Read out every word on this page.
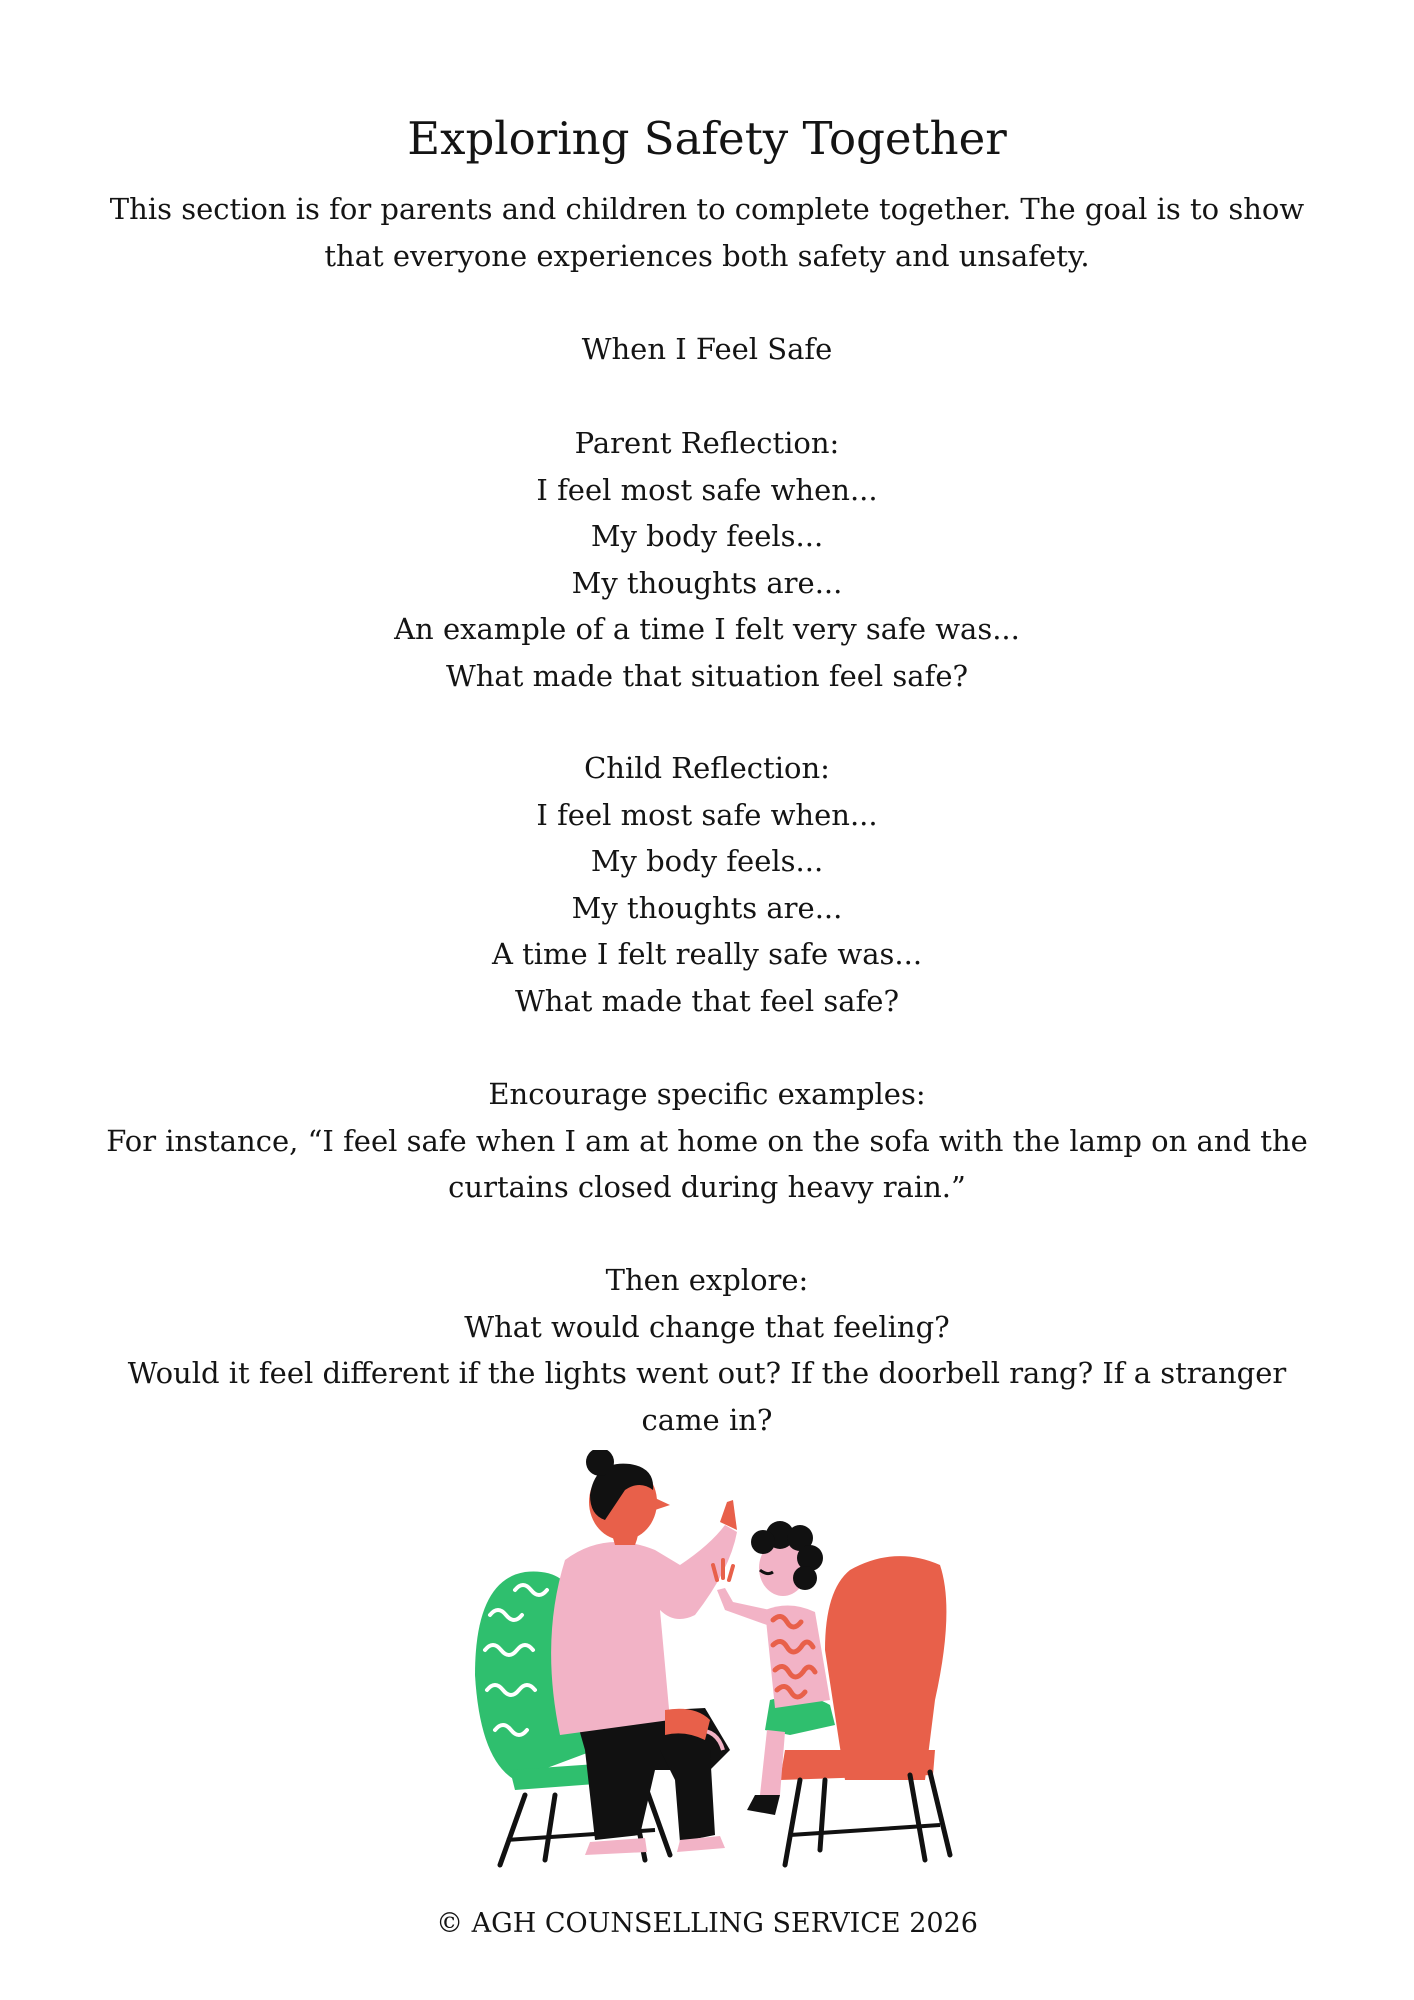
Exploring Safety Together

This section is for parents and children to complete together. The goal is to show that everyone experiences both safety and unsafety.

When I Feel Safe

Parent Reflection:
I feel most safe when...
My body feels...
My thoughts are...
An example of a time I felt very safe was...
What made that situation feel safe?
Child Reflection:
I feel most safe when...
My body feels...
My thoughts are...
A time I felt really safe was...
What made that feel safe?
Encourage specific examples:
For instance, “I feel safe when I am at home on the sofa with the lamp on and the curtains closed during heavy rain.”
Then explore:
What would change that feeling?
Would it feel different if the lights went out? If the doorbell rang? If a stranger came in?

© AGH COUNSELLING SERVICE 2026
